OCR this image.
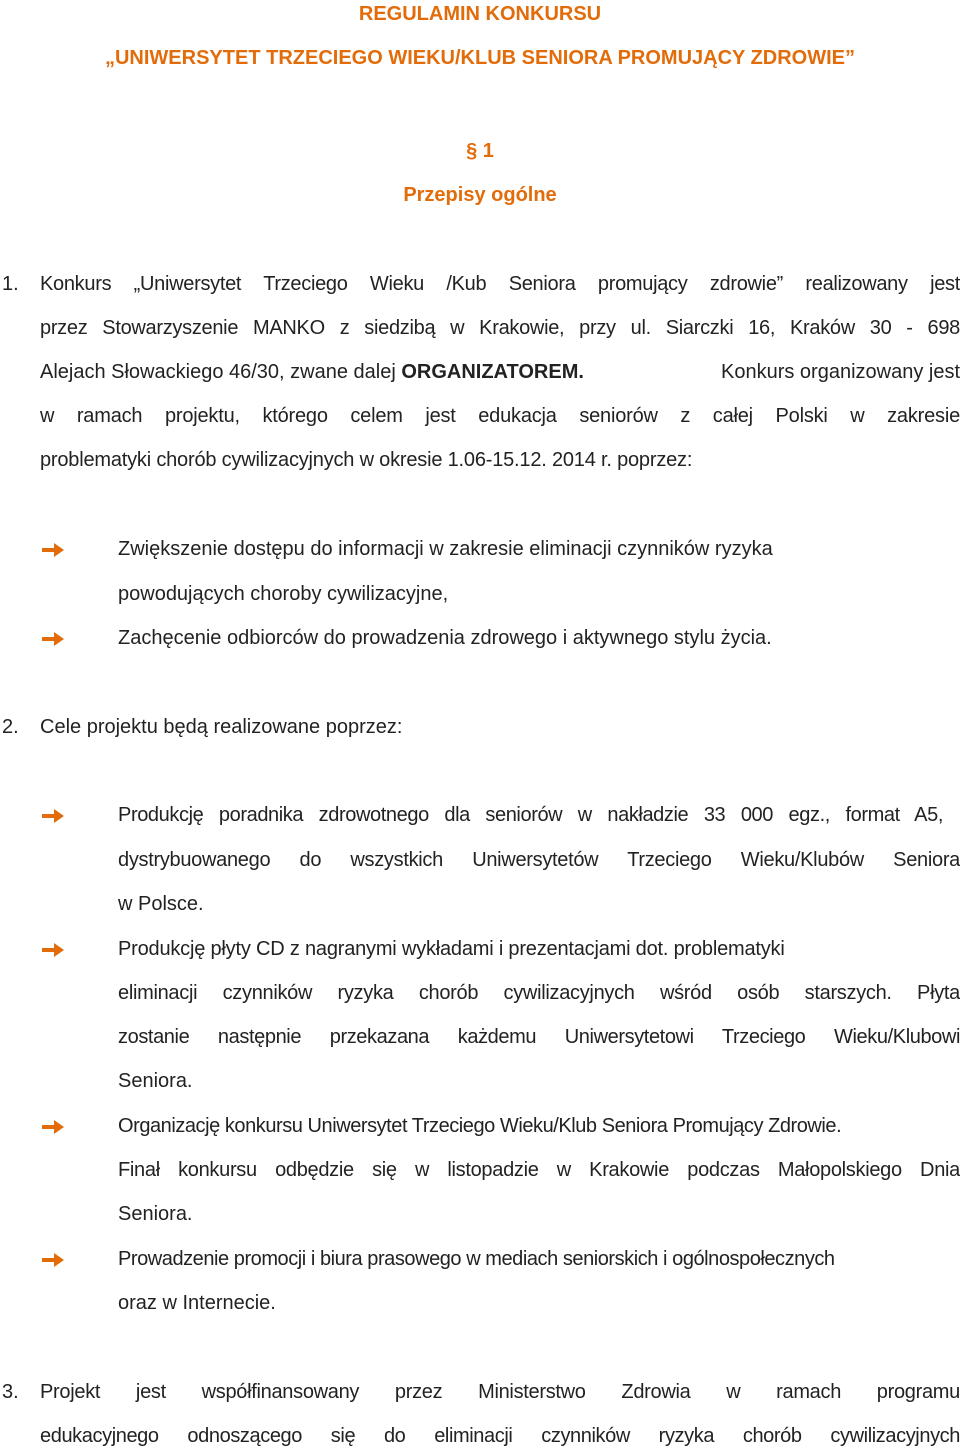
REGULAMIN KONKURSU
„UNIWERSYTET TRZECIEGO WIEKU/KLUB SENIORA PROMUJĄCY ZDROWIE”
§ 1
Przepisy ogólne
1. Konkurs „Uniwersytet Trzeciego Wieku /Kub Seniora promujący zdrowie” realizowany jest
przez Stowarzyszenie MANKO z siedzibą w Krakowie, przy ul. Siarczki 16, Kraków 30 - 698
Alejach Słowackiego 46/30, zwane dalej ORGANIZATOREM.	Konkurs organizowany jest
w ramach projektu, którego celem jest edukacja seniorów z całej Polski w zakresie
problematyki chorób cywilizacyjnych w okresie 1.06-15.12. 2014 r. poprzez:
Zwiększenie dostępu do informacji w zakresie eliminacji czynników ryzyka
powodujących choroby cywilizacyjne,
Zachęcenie odbiorców do prowadzenia zdrowego i aktywnego stylu życia.
2. Cele projektu będą realizowane poprzez:
Produkcję poradnika zdrowotnego dla seniorów w nakładzie 33 000 egz., format A5,
dystrybuowanego do wszystkich Uniwersytetów Trzeciego Wieku/Klubów Seniora
w Polsce.
Produkcję płyty CD z nagranymi wykładami i prezentacjami dot. problematyki
eliminacji czynników ryzyka chorób cywilizacyjnych wśród osób starszych. Płyta
zostanie następnie przekazana każdemu Uniwersytetowi Trzeciego Wieku/Klubowi
Seniora.
Organizację konkursu Uniwersytet Trzeciego Wieku/Klub Seniora Promujący Zdrowie.
Finał konkursu odbędzie się w listopadzie w Krakowie podczas Małopolskiego Dnia
Seniora.
Prowadzenie promocji i biura prasowego w mediach seniorskich i ogólnospołecznych
oraz w Internecie.
3. Projekt jest współfinansowany przez Ministerstwo Zdrowia w ramach programu
edukacyjnego odnoszącego się do eliminacji czynników ryzyka chorób cywilizacyjnych
